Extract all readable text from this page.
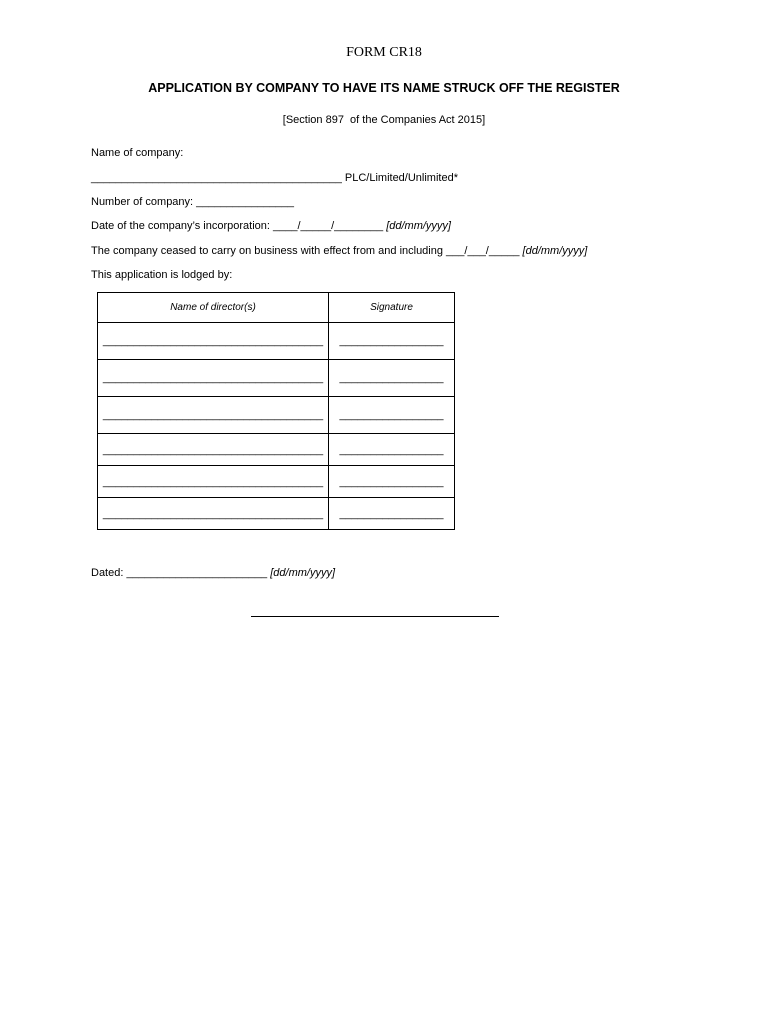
FORM CR18
APPLICATION BY COMPANY TO HAVE ITS NAME STRUCK OFF THE REGISTER
[Section 897  of the Companies Act 2015]
Name of company:
_________________________________________ PLC/Limited/Unlimited*
Number of company: ________________
Date of the company’s incorporation: ____/_____/________ [dd/mm/yyyy]
The company ceased to carry on business with effect from and including ___/___/_____ [dd/mm/yyyy]
This application is lodged by:
Name of director(s)	Signature
____________________________________	_________________
____________________________________	_________________
____________________________________	_________________
____________________________________	_________________
____________________________________	_________________
____________________________________	_________________
Dated: _______________________ [dd/mm/yyyy]
